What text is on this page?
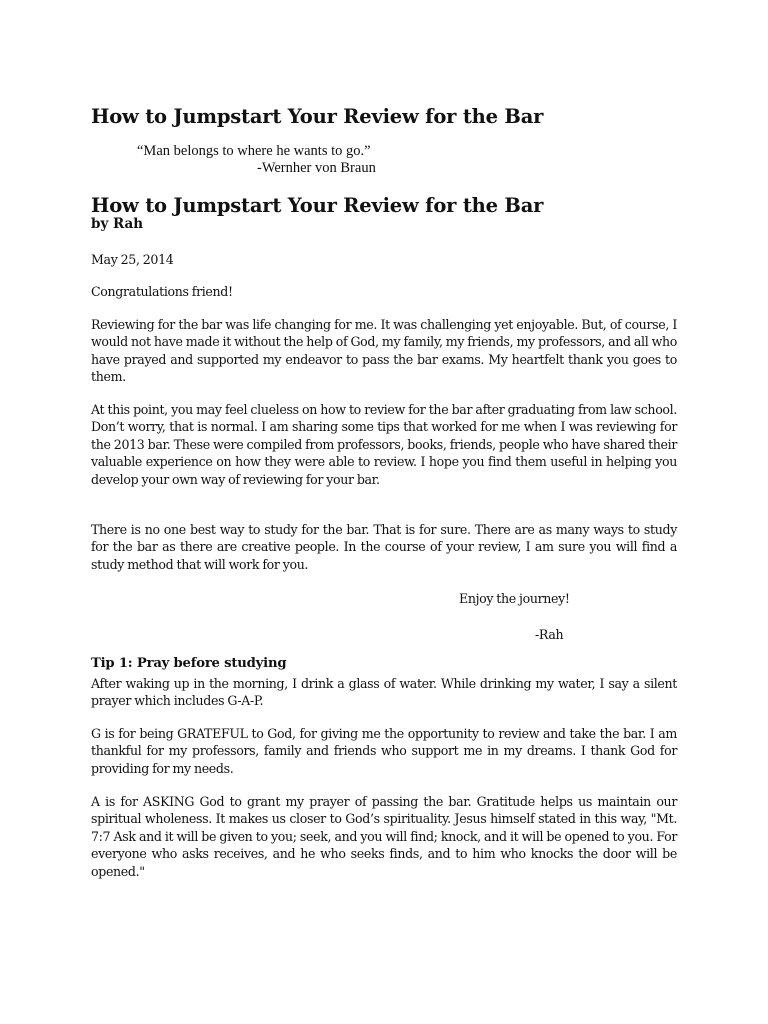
How to Jumpstart Your Review for the Bar
“Man belongs to where he wants to go.”
-Wernher von Braun
How to Jumpstart Your Review for the Bar
by Rah
May 25, 2014
Congratulations friend!

Reviewing for the bar was life changing for me. It was challenging yet enjoyable. But, of course, I would not have made it without the help of God, my family, my friends, my professors, and all who have prayed and supported my endeavor to pass the bar exams. My heartfelt thank you goes to them.

At this point, you may feel clueless on how to review for the bar after graduating from law school. Don’t worry, that is normal. I am sharing some tips that worked for me when I was reviewing for the 2013 bar. These were compiled from professors, books, friends, people who have shared their valuable experience on how they were able to review. I hope you find them useful in helping you develop your own way of reviewing for your bar.

There is no one best way to study for the bar. That is for sure. There are as many ways to study for the bar as there are creative people. In the course of your review, I am sure you will find a study method that will work for you.

Enjoy the journey!
-Rah
Tip 1: Pray before studying

After waking up in the morning, I drink a glass of water. While drinking my water, I say a silent prayer which includes G-A-P.

G is for being GRATEFUL to God, for giving me the opportunity to review and take the bar. I am thankful for my professors, family and friends who support me in my dreams. I thank God for providing for my needs.

A is for ASKING God to grant my prayer of passing the bar. Gratitude helps us maintain our spiritual wholeness. It makes us closer to God’s spirituality. Jesus himself stated in this way, "Mt. 7:7 Ask and it will be given to you; seek, and you will find; knock, and it will be opened to you. For everyone who asks receives, and he who seeks finds, and to him who knocks the door will be opened."
